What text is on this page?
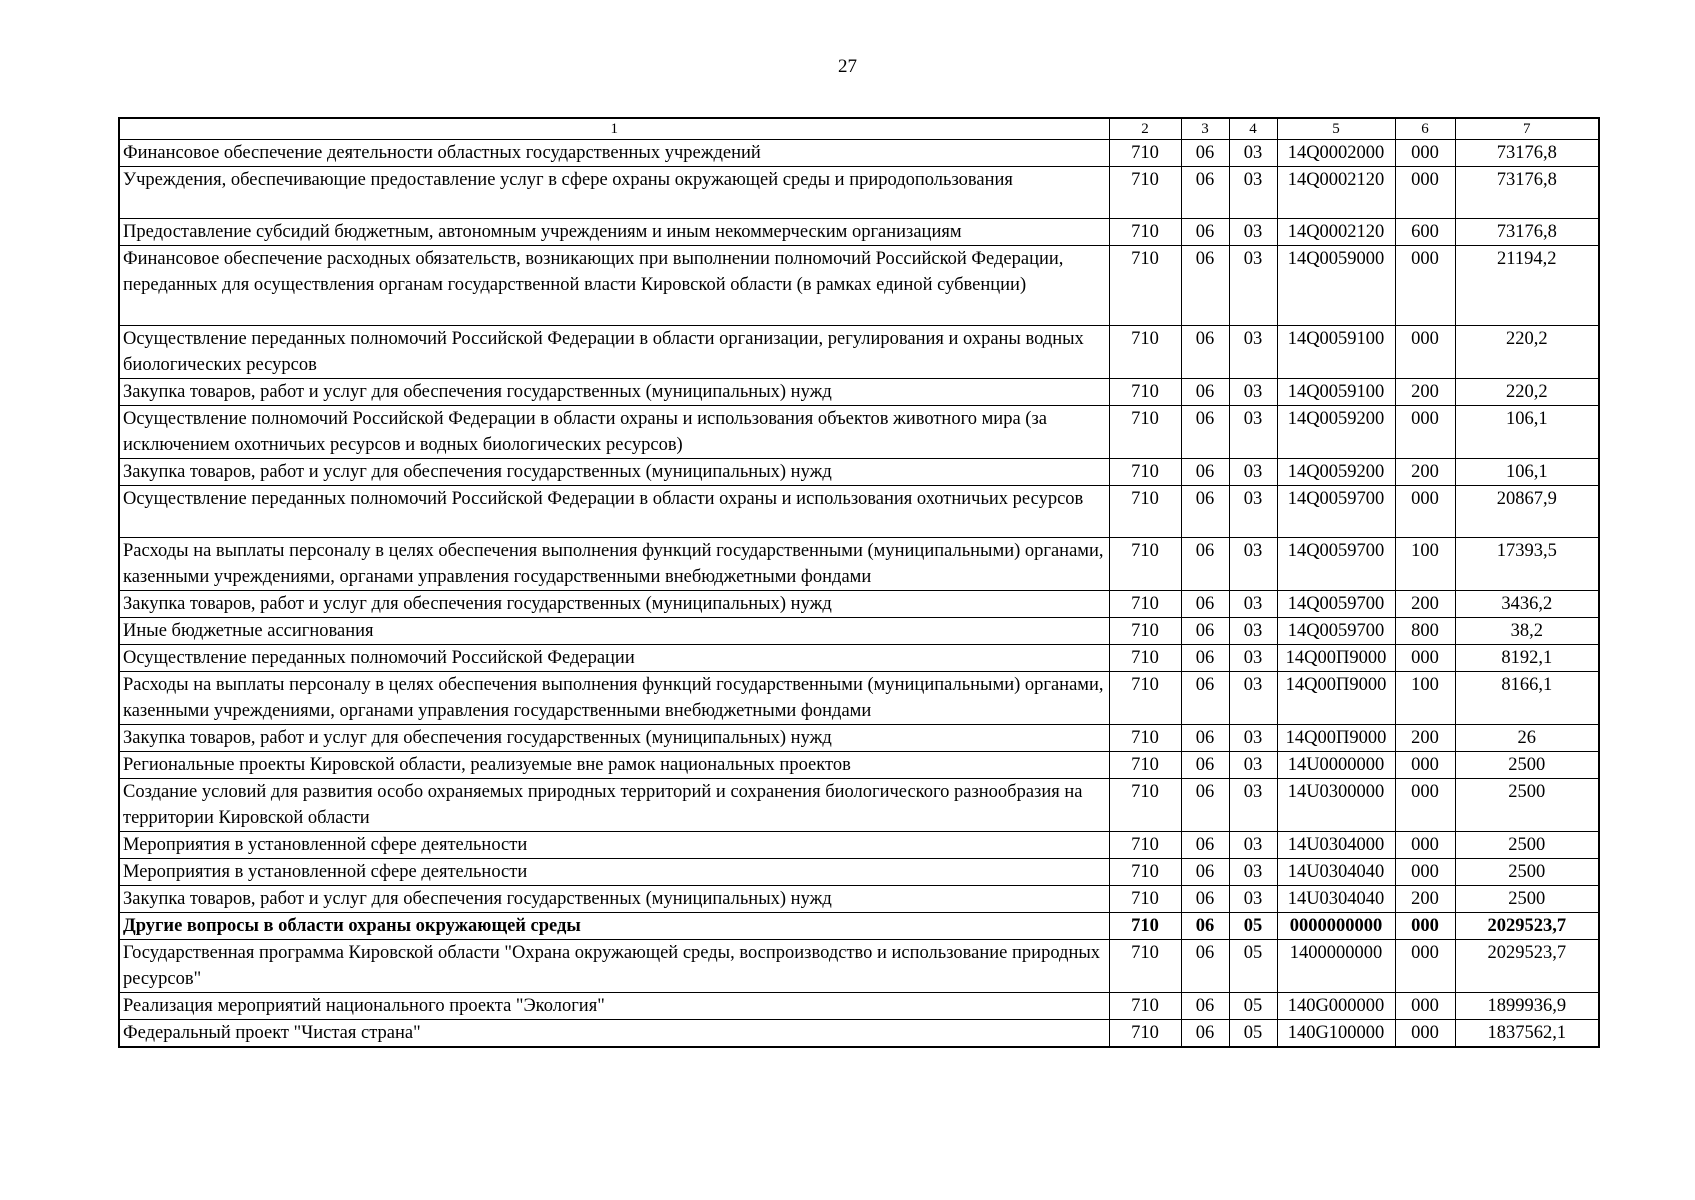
27
1	2	3	4	5	6	7
Финансовое обеспечение деятельности областных государственных учреждений	710	06	03	14Q0002000	000	73176,8
Учреждения, обеспечивающие предоставление услуг в сфере охраны окружающей среды и природопользования	710	06	03	14Q0002120	000	73176,8
Предоставление субсидий бюджетным, автономным учреждениям и иным некоммерческим организациям	710	06	03	14Q0002120	600	73176,8
Финансовое обеспечение расходных обязательств, возникающих при выполнении полномочий Российской Федерации, переданных для осуществления органам государственной власти Кировской области (в рамках единой субвенции)	710	06	03	14Q0059000	000	21194,2
Осуществление переданных полномочий Российской Федерации в области организации, регулирования и охраны водных биологических ресурсов	710	06	03	14Q0059100	000	220,2
Закупка товаров, работ и услуг для обеспечения государственных (муниципальных) нужд	710	06	03	14Q0059100	200	220,2
Осуществление полномочий Российской Федерации в области охраны и использования объектов животного мира (за исключением охотничьих ресурсов и водных биологических ресурсов)	710	06	03	14Q0059200	000	106,1
Закупка товаров, работ и услуг для обеспечения государственных (муниципальных) нужд	710	06	03	14Q0059200	200	106,1
Осуществление переданных полномочий Российской Федерации в области охраны и использования охотничьих ресурсов	710	06	03	14Q0059700	000	20867,9
Расходы на выплаты персоналу в целях обеспечения выполнения функций государственными (муниципальными) органами, казенными учреждениями, органами управления государственными внебюджетными фондами	710	06	03	14Q0059700	100	17393,5
Закупка товаров, работ и услуг для обеспечения государственных (муниципальных) нужд	710	06	03	14Q0059700	200	3436,2
Иные бюджетные ассигнования	710	06	03	14Q0059700	800	38,2
Осуществление переданных полномочий Российской Федерации	710	06	03	14Q00П9000	000	8192,1
Расходы на выплаты персоналу в целях обеспечения выполнения функций государственными (муниципальными) органами, казенными учреждениями, органами управления государственными внебюджетными фондами	710	06	03	14Q00П9000	100	8166,1
Закупка товаров, работ и услуг для обеспечения государственных (муниципальных) нужд	710	06	03	14Q00П9000	200	26
Региональные проекты Кировской области, реализуемые вне рамок национальных проектов	710	06	03	14U0000000	000	2500
Создание условий для развития особо охраняемых природных территорий и сохранения биологического разнообразия на территории Кировской области	710	06	03	14U0300000	000	2500
Мероприятия в установленной сфере деятельности	710	06	03	14U0304000	000	2500
Мероприятия в установленной сфере деятельности	710	06	03	14U0304040	000	2500
Закупка товаров, работ и услуг для обеспечения государственных (муниципальных) нужд	710	06	03	14U0304040	200	2500
Другие вопросы в области охраны окружающей среды	710	06	05	0000000000	000	2029523,7
Государственная программа Кировской области "Охрана окружающей среды, воспроизводство и использование природных ресурсов"	710	06	05	1400000000	000	2029523,7
Реализация мероприятий национального проекта "Экология"	710	06	05	140G000000	000	1899936,9
Федеральный проект "Чистая страна"	710	06	05	140G100000	000	1837562,1
